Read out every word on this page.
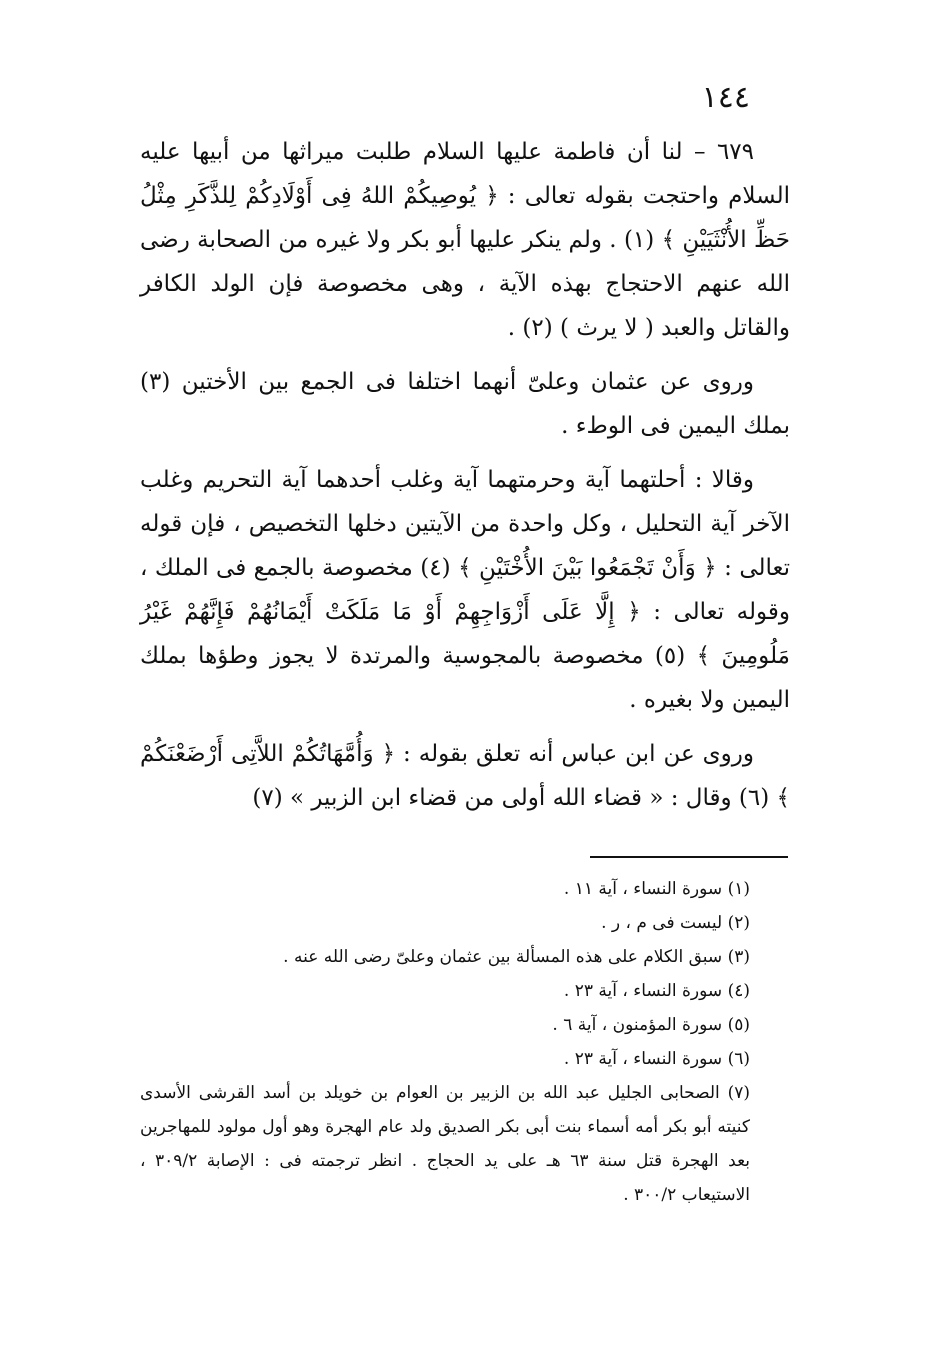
١٤٤

٦٧٩ – لنا أن فاطمة عليها السلام طلبت ميراثها من أبيها عليه السلام واحتجت بقوله تعالى : ﴿ يُوصِيكُمْ اللهُ فِى أَوْلَادِكُمْ لِلذَّكَرِ مِثْلُ حَظِّ الأُنْثَيَيْنِ ﴾ (١) . ولم ينكر عليها أبو بكر ولا غيره من الصحابة رضى الله عنهم الاحتجاج بهذه الآية ، وهى مخصوصة فإن الولد الكافر والقاتل والعبد ( لا يرث ) (٢) .

وروى عن عثمان وعلىّ أنهما اختلفا فى الجمع بين الأختين (٣) بملك اليمين فى الوطء .

وقالا : أحلتهما آية وحرمتهما آية وغلب أحدهما آية التحريم وغلب الآخر آية التحليل ، وكل واحدة من الآيتين دخلها التخصيص ، فإن قوله تعالى : ﴿ وَأَنْ تَجْمَعُوا بَيْنَ الأُخْتَيْنِ ﴾ (٤) مخصوصة بالجمع فى الملك ، وقوله تعالى : ﴿ إِلَّا عَلَى أَزْوَاجِهِمْ أَوْ مَا مَلَكَتْ أَيْمَانُهُمْ فَإِنَّهُمْ غَيْرُ مَلُومِينَ ﴾ (٥) مخصوصة بالمجوسية والمرتدة لا يجوز وطؤها بملك اليمين ولا بغيره .

وروى عن ابن عباس أنه تعلق بقوله : ﴿ وَأُمَّهَاتُكُمْ اللاَّتِى أَرْضَعْنَكُمْ ﴾ (٦) وقال : « قضاء الله أولى من قضاء ابن الزبير » (٧)

(١) سورة النساء ، آية ١١ .

(٢) ليست فى م ، ر .

(٣) سبق الكلام على هذه المسألة بين عثمان وعلىّ رضى الله عنه .

(٤) سورة النساء ، آية ٢٣ .

(٥) سورة المؤمنون ، آية ٦ .

(٦) سورة النساء ، آية ٢٣ .

(٧) الصحابى الجليل عبد الله بن الزبير بن العوام بن خويلد بن أسد القرشى الأسدى كنيته أبو بكر أمه أسماء بنت أبى بكر الصديق ولد عام الهجرة وهو أول مولود للمهاجرين بعد الهجرة قتل سنة ٦٣ هـ على يد الحجاج . انظر ترجمته فى : الإصابة ٣٠٩/٢ ، الاستيعاب ٣٠٠/٢ .
